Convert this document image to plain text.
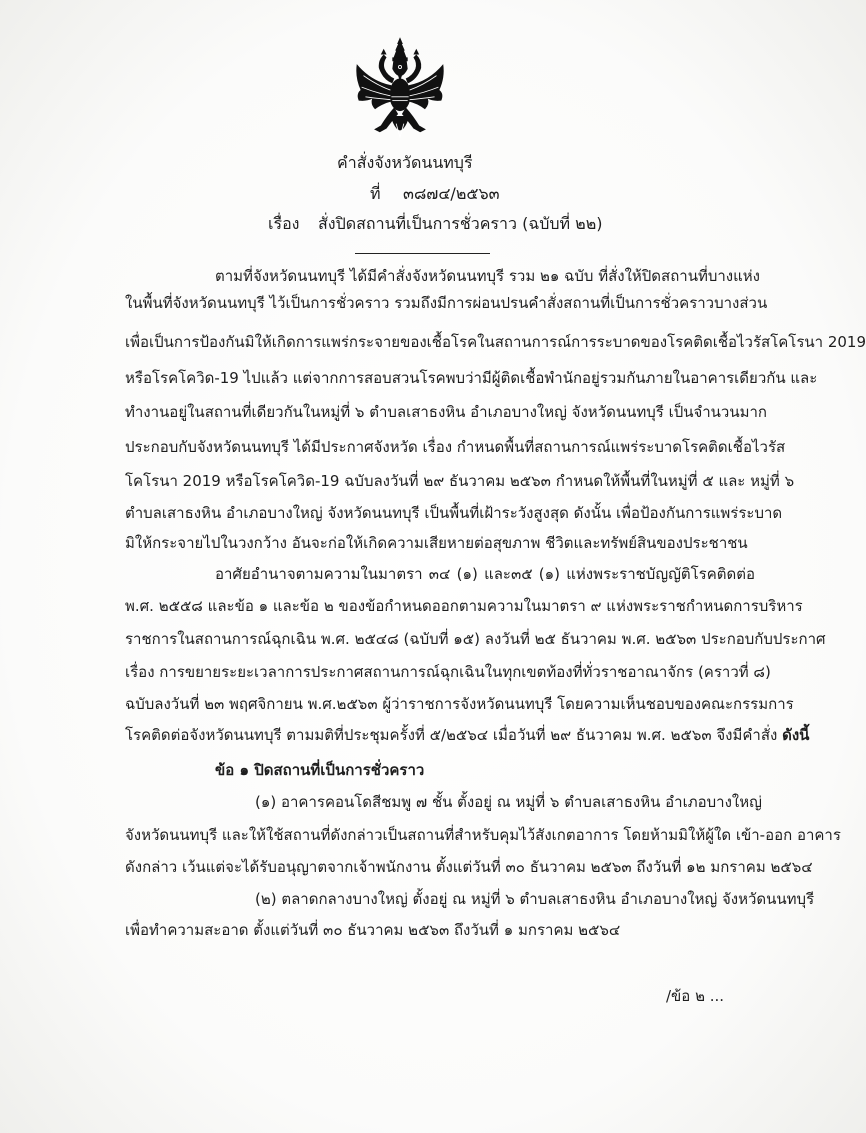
คำสั่งจังหวัดนนทบุรี
ที่ ๓๘๗๔/๒๕๖๓
เรื่อง สั่งปิดสถานที่เป็นการชั่วคราว (ฉบับที่ ๒๒)
ตามที่จังหวัดนนทบุรี ได้มีคำสั่งจังหวัดนนทบุรี รวม ๒๑ ฉบับ ที่สั่งให้ปิดสถานที่บางแห่ง
ในพื้นที่จังหวัดนนทบุรี ไว้เป็นการชั่วคราว รวมถึงมีการผ่อนปรนคำสั่งสถานที่เป็นการชั่วคราวบางส่วน
เพื่อเป็นการป้องกันมิให้เกิดการแพร่กระจายของเชื้อโรคในสถานการณ์การระบาดของโรคติดเชื้อไวรัสโคโรนา 2019
หรือโรคโควิด-19 ไปแล้ว แต่จากการสอบสวนโรคพบว่ามีผู้ติดเชื้อพำนักอยู่รวมกันภายในอาคารเดียวกัน และ
ทำงานอยู่ในสถานที่เดียวกันในหมู่ที่ ๖ ตำบลเสาธงหิน อำเภอบางใหญ่ จังหวัดนนทบุรี เป็นจำนวนมาก
ประกอบกับจังหวัดนนทบุรี ได้มีประกาศจังหวัด เรื่อง กำหนดพื้นที่สถานการณ์แพร่ระบาดโรคติดเชื้อไวรัส
โคโรนา 2019 หรือโรคโควิด-19 ฉบับลงวันที่ ๒๙ ธันวาคม ๒๕๖๓ กำหนดให้พื้นที่ในหมู่ที่ ๕ และ หมู่ที่ ๖
ตำบลเสาธงหิน อำเภอบางใหญ่ จังหวัดนนทบุรี เป็นพื้นที่เฝ้าระวังสูงสุด ดังนั้น เพื่อป้องกันการแพร่ระบาด
มิให้กระจายไปในวงกว้าง อันจะก่อให้เกิดความเสียหายต่อสุขภาพ ชีวิตและทรัพย์สินของประชาชน
อาศัยอำนาจตามความในมาตรา ๓๔ (๑) และ๓๕ (๑) แห่งพระราชบัญญัติโรคติดต่อ
พ.ศ. ๒๕๕๘ และข้อ ๑ และข้อ ๒ ของข้อกำหนดออกตามความในมาตรา ๙ แห่งพระราชกำหนดการบริหาร
ราชการในสถานการณ์ฉุกเฉิน พ.ศ. ๒๕๔๘ (ฉบับที่ ๑๕) ลงวันที่ ๒๕ ธันวาคม พ.ศ. ๒๕๖๓ ประกอบกับประกาศ
เรื่อง การขยายระยะเวลาการประกาศสถานการณ์ฉุกเฉินในทุกเขตท้องที่ทั่วราชอาณาจักร (คราวที่ ๘)
ฉบับลงวันที่ ๒๓ พฤศจิกายน พ.ศ.๒๕๖๓ ผู้ว่าราชการจังหวัดนนทบุรี โดยความเห็นชอบของคณะกรรมการ
โรคติดต่อจังหวัดนนทบุรี ตามมติที่ประชุมครั้งที่ ๕/๒๕๖๔ เมื่อวันที่ ๒๙ ธันวาคม พ.ศ. ๒๕๖๓ จึงมีคำสั่ง ดังนี้
ข้อ ๑ ปิดสถานที่เป็นการชั่วคราว
(๑) อาคารคอนโดสีชมพู ๗ ชั้น ตั้งอยู่ ณ หมู่ที่ ๖ ตำบลเสาธงหิน อำเภอบางใหญ่
จังหวัดนนทบุรี และให้ใช้สถานที่ดังกล่าวเป็นสถานที่สำหรับคุมไว้สังเกตอาการ โดยห้ามมิให้ผู้ใด เข้า-ออก อาคาร
ดังกล่าว เว้นแต่จะได้รับอนุญาตจากเจ้าพนักงาน ตั้งแต่วันที่ ๓๐ ธันวาคม ๒๕๖๓ ถึงวันที่ ๑๒ มกราคม ๒๕๖๔
(๒) ตลาดกลางบางใหญ่ ตั้งอยู่ ณ หมู่ที่ ๖ ตำบลเสาธงหิน อำเภอบางใหญ่ จังหวัดนนทบุรี
เพื่อทำความสะอาด ตั้งแต่วันที่ ๓๐ ธันวาคม ๒๕๖๓ ถึงวันที่ ๑ มกราคม ๒๕๖๔
/ข้อ ๒ ...
